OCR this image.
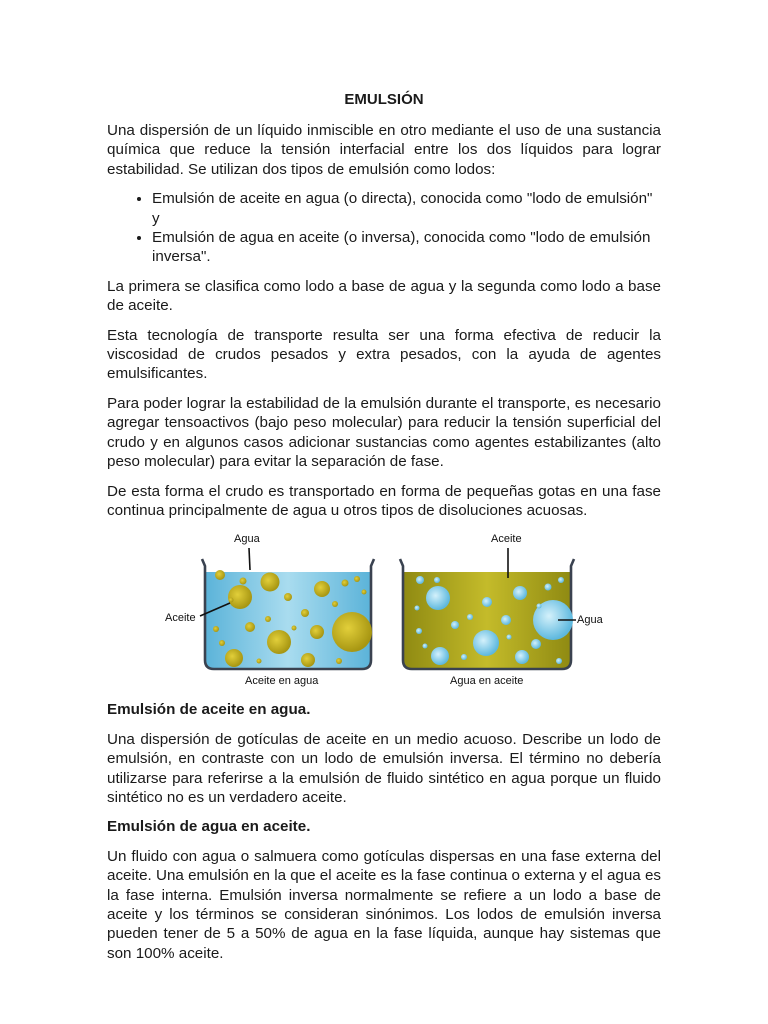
EMULSIÓN

Una dispersión de un líquido inmiscible en otro mediante el uso de una sustancia química que reduce la tensión interfacial entre los dos líquidos para lograr estabilidad. Se utilizan dos tipos de emulsión como lodos:

• Emulsión de aceite en agua (o directa), conocida como "lodo de emulsión" y
• Emulsión de agua en aceite (o inversa), conocida como "lodo de emulsión inversa".

La primera se clasifica como lodo a base de agua y la segunda como lodo a base de aceite.

Esta tecnología de transporte resulta ser una forma efectiva de reducir la viscosidad de crudos pesados y extra pesados, con la ayuda de agentes emulsificantes.

Para poder lograr la estabilidad de la emulsión durante el transporte, es necesario agregar tensoactivos (bajo peso molecular) para reducir la tensión superficial del crudo y en algunos casos adicionar sustancias como agentes estabilizantes (alto peso molecular) para evitar la separación de fase.

De esta forma el crudo es transportado en forma de pequeñas gotas en una fase continua principalmente de agua u otros tipos de disoluciones acuosas.

Agua
Aceite
Aceite en agua
Aceite
Agua
Agua en aceite
Emulsión de aceite en agua.

Una dispersión de gotículas de aceite en un medio acuoso. Describe un lodo de emulsión, en contraste con un lodo de emulsión inversa. El término no debería utilizarse para referirse a la emulsión de fluido sintético en agua porque un fluido sintético no es un verdadero aceite.

Emulsión de agua en aceite.

Un fluido con agua o salmuera como gotículas dispersas en una fase externa del aceite. Una emulsión en la que el aceite es la fase continua o externa y el agua es la fase interna. Emulsión inversa normalmente se refiere a un lodo a base de aceite y los términos se consideran sinónimos. Los lodos de emulsión inversa pueden tener de 5 a 50% de agua en la fase líquida, aunque hay sistemas que son 100% aceite.
